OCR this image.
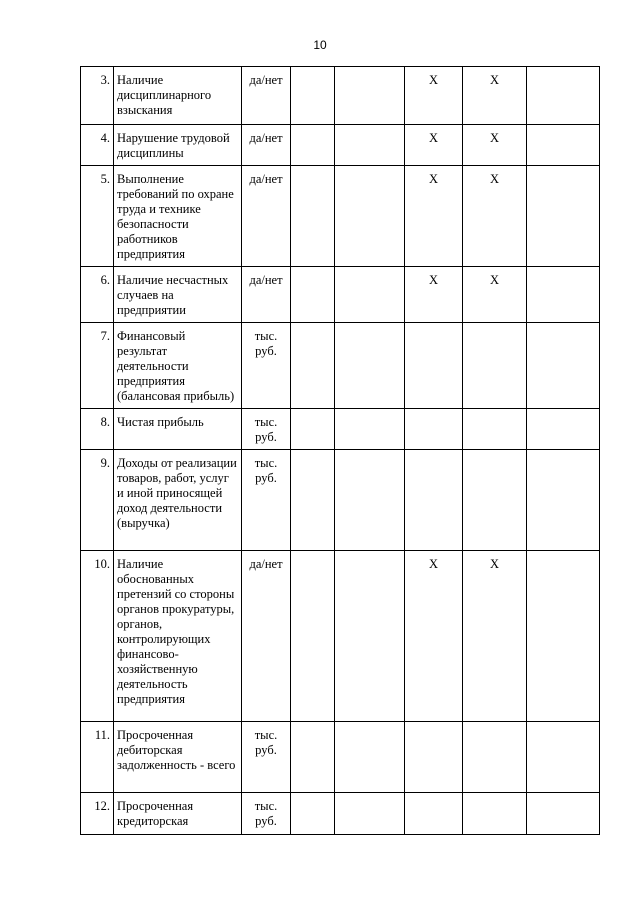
10
3.	Наличие дисциплинарного взыскания	да/нет			X	X	
4.	Нарушение трудовой дисциплины	да/нет			X	X	
5.	Выполнение требований по охране труда и технике безопасности работников предприятия	да/нет			X	X	
6.	Наличие несчастных случаев на предприятии	да/нет			X	X	
7.	Финансовый результат деятельности предприятия (балансовая прибыль)	тыс. руб.					
8.	Чистая прибыль	тыс. руб.					
9.	Доходы от реализации товаров, работ, услуг и иной приносящей доход деятельности (выручка)	тыс. руб.					
10.	Наличие обоснованных претензий со стороны органов прокуратуры, органов, контролирующих финансово-хозяйственную деятельность предприятия	да/нет			X	X	
11.	Просроченная дебиторская задолженность - всего	тыс. руб.					
12.	Просроченная кредиторская	тыс. руб.					
